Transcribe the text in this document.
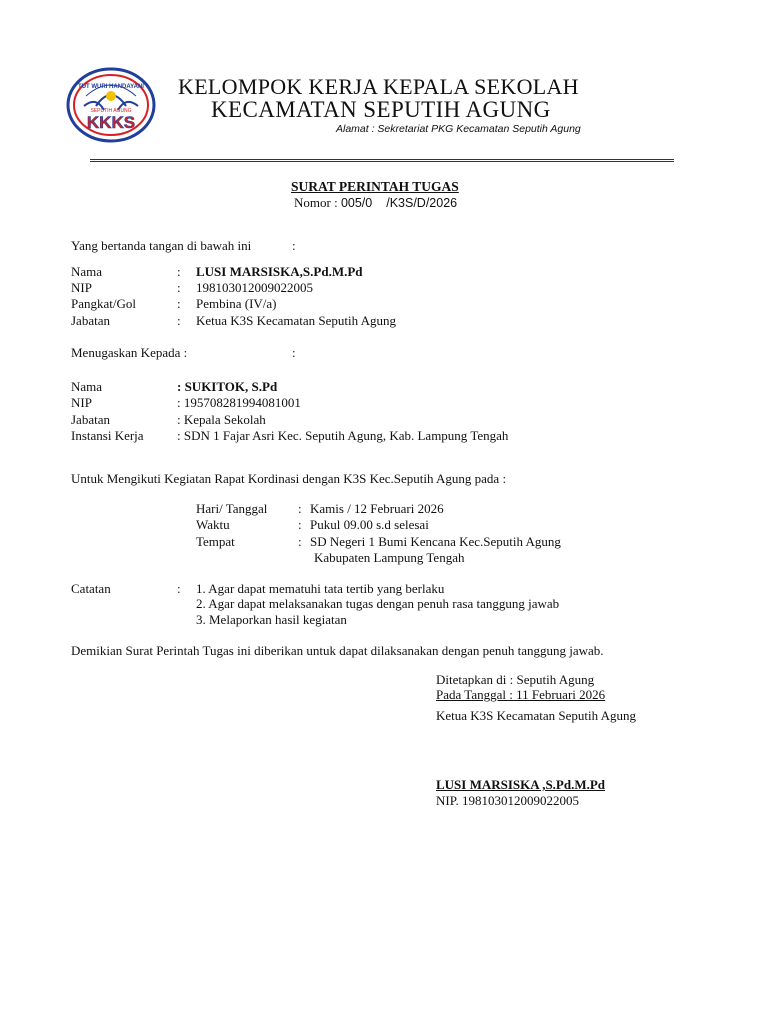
TUT WURI HANDAYANI
SEPUTIH AGUNG
KKKS
KELOMPOK KERJA KEPALA SEKOLAH
KECAMATAN SEPUTIH AGUNG
Alamat : Sekretariat PKG Kecamatan Seputih Agung
SURAT PERINTAH TUGAS
Nomor : 005/0 /K3S/D/2026
Yang bertanda tangan di bawah ini	:
Nama	: LUSI MARSISKA,S.Pd.M.Pd
NIP	: 198103012009022005
Pangkat/Gol	: Pembina (IV/a)
Jabatan	: Ketua K3S Kecamatan Seputih Agung
Menugaskan Kepada :	:
Nama	: SUKITOK, S.Pd
NIP	: 195708281994081001
Jabatan	: Kepala Sekolah
Instansi Kerja	: SDN 1 Fajar Asri Kec. Seputih Agung, Kab. Lampung Tengah
Untuk Mengikuti Kegiatan Rapat Kordinasi dengan K3S Kec.Seputih Agung pada :
Hari/ Tanggal : Kamis / 12 Februari 2026
Waktu	: Pukul 09.00 s.d selesai
Tempat	: SD Negeri 1 Bumi Kencana Kec.Seputih Agung
Kabupaten Lampung Tengah
Catatan	: 1. Agar dapat mematuhi tata tertib yang berlaku
2. Agar dapat melaksanakan tugas dengan penuh rasa tanggung jawab
3. Melaporkan hasil kegiatan
Demikian Surat Perintah Tugas ini diberikan untuk dapat dilaksanakan dengan penuh tanggung jawab.
Ditetapkan di : Seputih Agung
Pada Tanggal : 11 Februari 2026
Ketua K3S Kecamatan Seputih Agung
LUSI MARSISKA ,S.Pd.M.Pd
NIP. 198103012009022005
